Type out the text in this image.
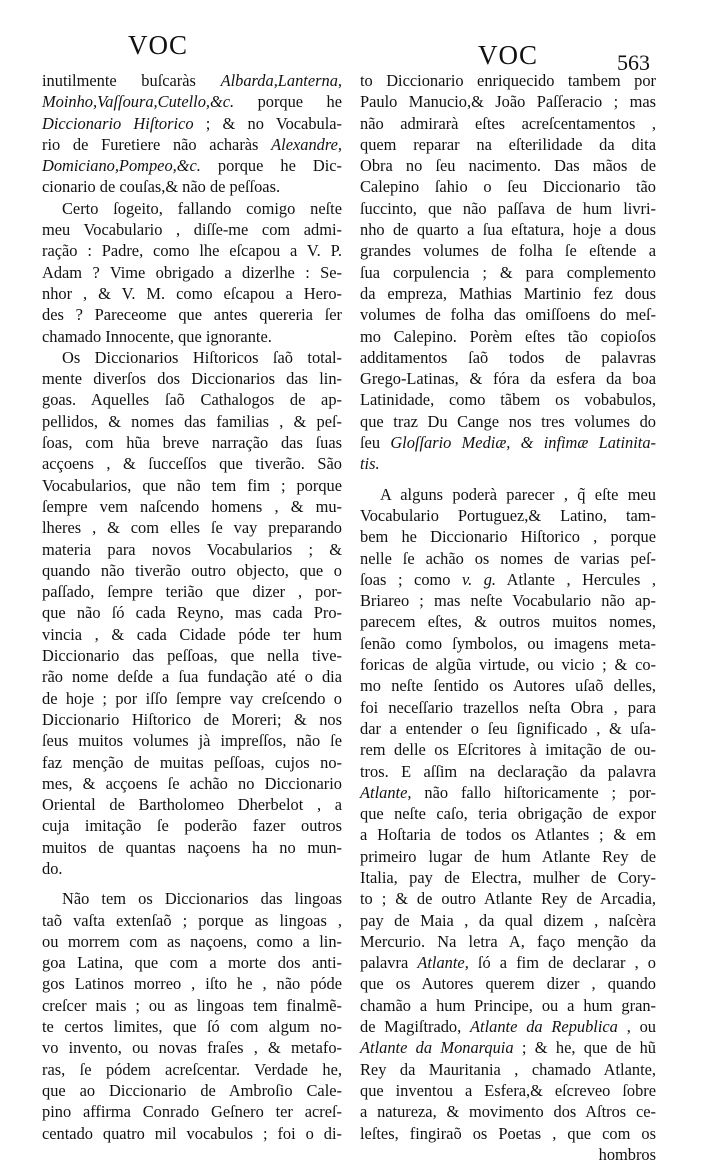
VOC	VOC	563
inutilmente buſcaràs Albarda,Lanterna,
Moinho,Vaſſoura,Cutello,&c. porque he
Diccionario Hiſtorico ; & no Vocabula-
rio de Furetiere não acharàs Alexandre,
Domiciano,Pompeo,&c. porque he Dic-
cionario de couſas,& não de peſſoas.
Certo ſogeito, fallando comigo neſte
meu Vocabulario , diſſe-me com admi-
ração : Padre, como lhe eſcapou a V. P.
Adam ? Vime obrigado a dizerlhe : Se-
nhor , & V. M. como eſcapou a Hero-
des ? Pareceome que antes quereria ſer
chamado Innocente, que ignorante.
Os Diccionarios Hiſtoricos ſaõ total-
mente diverſos dos Diccionarios das lin-
goas. Aquelles ſaõ Cathalogos de ap-
pellidos, & nomes das familias , & peſ-
ſoas, com hũa breve narração das ſuas
acçoens , & ſucceſſos que tiverão. São
Vocabularios, que não tem fim ; porque
ſempre vem naſcendo homens , & mu-
lheres , & com elles ſe vay preparando
materia para novos Vocabularios ; &
quando não tiverão outro objecto, que o
paſſado, ſempre terião que dizer , por-
que não ſó cada Reyno, mas cada Pro-
vincia , & cada Cidade póde ter hum
Diccionario das peſſoas, que nella tive-
rão nome deſde a ſua fundação até o dia
de hoje ; por iſſo ſempre vay creſcendo o
Diccionario Hiſtorico de Moreri; & nos
ſeus muitos volumes jà impreſſos, não ſe
faz menção de muitas peſſoas, cujos no-
mes, & acçoens ſe achão no Diccionario
Oriental de Bartholomeo Dherbelot , a
cuja imitação ſe poderão fazer outros
muitos de quantas naçoens ha no mun-
do.
Não tem os Diccionarios das lingoas
taõ vaſta extenſaõ ; porque as lingoas ,
ou morrem com as naçoens, como a lin-
goa Latina, que com a morte dos anti-
gos Latinos morreo , iſto he , não póde
creſcer mais ; ou as lingoas tem finalmẽ-
te certos limites, que ſó com algum no-
vo invento, ou novas fraſes , & metafo-
ras, ſe pódem acreſcentar. Verdade he,
que ao Diccionario de Ambroſio Cale-
pino affirma Conrado Geſnero ter acreſ-
centado quatro mil vocabulos ; foi o di-
to Diccionario enriquecido tambem por
Paulo Manucio,& João Paſſeracio ; mas
não admirarà eſtes acreſcentamentos ,
quem reparar na eſterilidade da dita
Obra no ſeu nacimento. Das mãos de
Calepino ſahio o ſeu Diccionario tão
ſuccinto, que não paſſava de hum livri-
nho de quarto a ſua eſtatura, hoje a dous
grandes volumes de folha ſe eſtende a
ſua corpulencia ; & para complemento
da empreza, Mathias Martinio fez dous
volumes de folha das omiſſoens do meſ-
mo Calepino. Porèm eſtes tão copioſos
additamentos ſaõ todos de palavras
Grego-Latinas, & fóra da esfera da boa
Latinidade, como tãbem os vobabulos,
que traz Du Cange nos tres volumes do
ſeu Gloſſario Mediæ, & infimæ Latinita-
tis.
A alguns poderà parecer , q̃ eſte meu
Vocabulario Portuguez,& Latino, tam-
bem he Diccionario Hiſtorico , porque
nelle ſe achão os nomes de varias peſ-
ſoas ; como v. g. Atlante , Hercules ,
Briareo ; mas neſte Vocabulario não ap-
parecem eſtes, & outros muitos nomes,
ſenão como ſymbolos, ou imagens meta-
foricas de algũa virtude, ou vicio ; & co-
mo neſte ſentido os Autores uſaõ delles,
foi neceſſario trazellos neſta Obra , para
dar a entender o ſeu ſignificado , & uſa-
rem delle os Eſcritores à imitação de ou-
tros. E aſſim na declaração da palavra
Atlante, não fallo hiſtoricamente ; por-
que neſte caſo, teria obrigação de expor
a Hoſtaria de todos os Atlantes ; & em
primeiro lugar de hum Atlante Rey de
Italia, pay de Electra, mulher de Cory-
to ; & de outro Atlante Rey de Arcadia,
pay de Maia , da qual dizem , naſcèra
Mercurio. Na letra A, faço menção da
palavra Atlante, ſó a fim de declarar , o
que os Autores querem dizer , quando
chamão a hum Principe, ou a hum gran-
de Magiſtrado, Atlante da Republica , ou
Atlante da Monarquia ; & he, que de hũ
Rey da Mauritania , chamado Atlante,
que inventou a Esfera,& eſcreveo ſobre
a natureza, & movimento dos Aſtros ce-
leſtes, fingiraõ os Poetas , que com os
hombros
